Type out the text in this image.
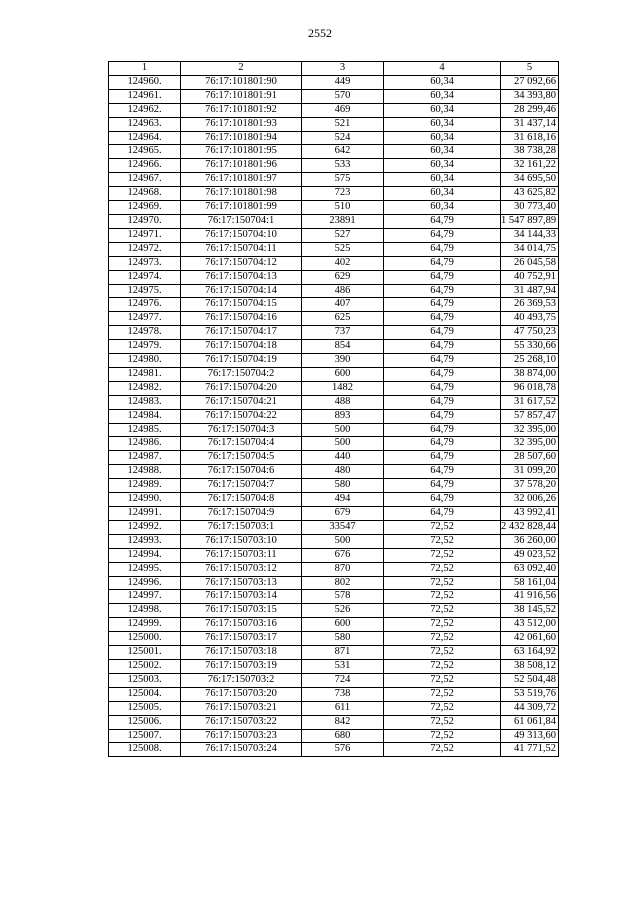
2552
1	2	3	4	5
124960.	76:17:101801:90	449	60,34	27 092,66
124961.	76:17:101801:91	570	60,34	34 393,80
124962.	76:17:101801:92	469	60,34	28 299,46
124963.	76:17:101801:93	521	60,34	31 437,14
124964.	76:17:101801:94	524	60,34	31 618,16
124965.	76:17:101801:95	642	60,34	38 738,28
124966.	76:17:101801:96	533	60,34	32 161,22
124967.	76:17:101801:97	575	60,34	34 695,50
124968.	76:17:101801:98	723	60,34	43 625,82
124969.	76:17:101801:99	510	60,34	30 773,40
124970.	76:17:150704:1	23891	64,79	1 547 897,89
124971.	76:17:150704:10	527	64,79	34 144,33
124972.	76:17:150704:11	525	64,79	34 014,75
124973.	76:17:150704:12	402	64,79	26 045,58
124974.	76:17:150704:13	629	64,79	40 752,91
124975.	76:17:150704:14	486	64,79	31 487,94
124976.	76:17:150704:15	407	64,79	26 369,53
124977.	76:17:150704:16	625	64,79	40 493,75
124978.	76:17:150704:17	737	64,79	47 750,23
124979.	76:17:150704:18	854	64,79	55 330,66
124980.	76:17:150704:19	390	64,79	25 268,10
124981.	76:17:150704:2	600	64,79	38 874,00
124982.	76:17:150704:20	1482	64,79	96 018,78
124983.	76:17:150704:21	488	64,79	31 617,52
124984.	76:17:150704:22	893	64,79	57 857,47
124985.	76:17:150704:3	500	64,79	32 395,00
124986.	76:17:150704:4	500	64,79	32 395,00
124987.	76:17:150704:5	440	64,79	28 507,60
124988.	76:17:150704:6	480	64,79	31 099,20
124989.	76:17:150704:7	580	64,79	37 578,20
124990.	76:17:150704:8	494	64,79	32 006,26
124991.	76:17:150704:9	679	64,79	43 992,41
124992.	76:17:150703:1	33547	72,52	2 432 828,44
124993.	76:17:150703:10	500	72,52	36 260,00
124994.	76:17:150703:11	676	72,52	49 023,52
124995.	76:17:150703:12	870	72,52	63 092,40
124996.	76:17:150703:13	802	72,52	58 161,04
124997.	76:17:150703:14	578	72,52	41 916,56
124998.	76:17:150703:15	526	72,52	38 145,52
124999.	76:17:150703:16	600	72,52	43 512,00
125000.	76:17:150703:17	580	72,52	42 061,60
125001.	76:17:150703:18	871	72,52	63 164,92
125002.	76:17:150703:19	531	72,52	38 508,12
125003.	76:17:150703:2	724	72,52	52 504,48
125004.	76:17:150703:20	738	72,52	53 519,76
125005.	76:17:150703:21	611	72,52	44 309,72
125006.	76:17:150703:22	842	72,52	61 061,84
125007.	76:17:150703:23	680	72,52	49 313,60
125008.	76:17:150703:24	576	72,52	41 771,52
